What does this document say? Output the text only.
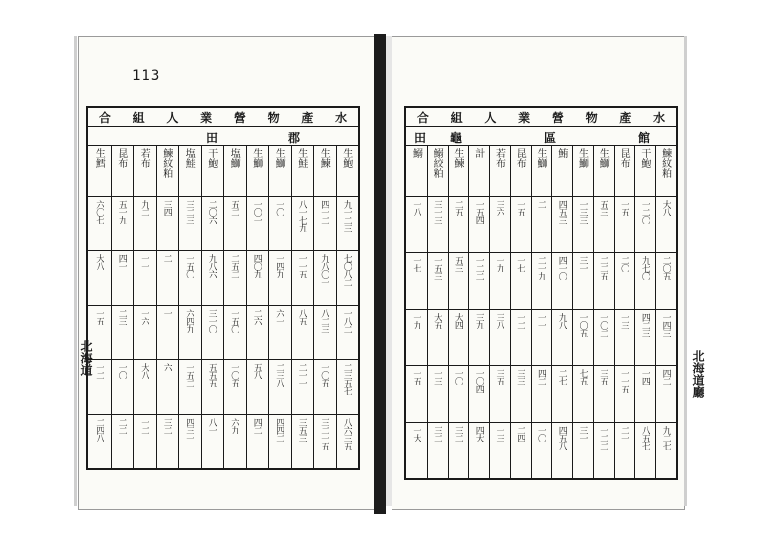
113
水
產
物
營
業
人
組
合
田	郡
生鮑
九一二三
七〇八二
一八二
二三五七
八六三五
生鰊
四一二
九八〇一
八二三
一〇五
三二一五
生鮭
八一七九
一一五
八五
二一一
三五三
生鰤
一〇
一四九
六一
二三八
四四二
生鰤
一〇一
四〇九
二六
五八
四二
塩鰤
五二
二五二
一五〇
一〇五
六九
干鮑
二〇六
九八六
三一〇
五五五
八一
塩鮭
三二三
一五〇
六四九
一五二
四三一
鰊紋粕
三四
二
一
六
三二
若布
九二
一一
一六
大八
一二
昆布
五一九
四一
二三
一〇
二二
生鱈
六〇七
大八
一五
一二
二四八
水
產
物
營
業
人
組
合
館
區
龜
田
鰊紋粕
大八
二〇五
一四三
四二
九二七
干鮑
一二〇
九七〇
四二三
一四
八五七
昆布
一五
二〇
一三
一一五
二一
生鰤
五三
二二五
一〇二
三五
一二二
生鰤
一三三
三一
一〇五
七五
三一
鮪
四五三
四一〇
九八
二七
四五八
生鰤
二
二一九
一一
四二
一〇
昆布
一五
一七
一二
三三
二四
若布
三六
一九
三八
三五
一三
計
一五四
一二二
三九
一〇四
四大
生鰊
二五
五三
大四
一〇
三二
鰯絞粕
三一三
一五三
大五
一三
三二
鰯
一八
一七
一九
一五
一大
北海道	北海道廳
